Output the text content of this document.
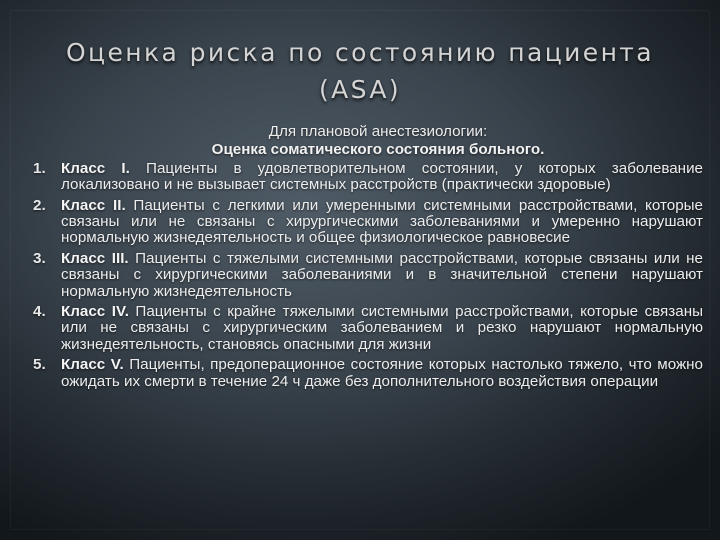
Оценка риска по состоянию пациента
(ASA)
Для плановой анестезиологии:
Оценка соматического состояния больного.
1.	Класс I. Пациенты в удовлетворительном состоянии, у которых заболевание локализовано и не вызывает системных расстройств (практически здоровые)
2.	Класс II. Пациенты с легкими или умеренными системными расстройствами, которые связаны или не связаны с хирургическими заболеваниями и умеренно нарушают нормальную жизнедеятельность и общее физиологическое равновесие
3.	Класс III. Пациенты с тяжелыми системными расстройствами, которые связаны или не связаны с хирургическими заболеваниями и в значительной степени нарушают нормальную жизнедеятельность
4.	Класс IV. Пациенты с крайне тяжелыми системными расстройствами, которые связаны или не связаны с хирургическим заболеванием и резко нарушают нормальную жизнедеятельность, становясь опасными для жизни
5.	Класс V. Пациенты, предоперационное состояние которых настолько тяжело, что можно ожидать их смерти в течение 24 ч даже без дополнительного воздействия операции
